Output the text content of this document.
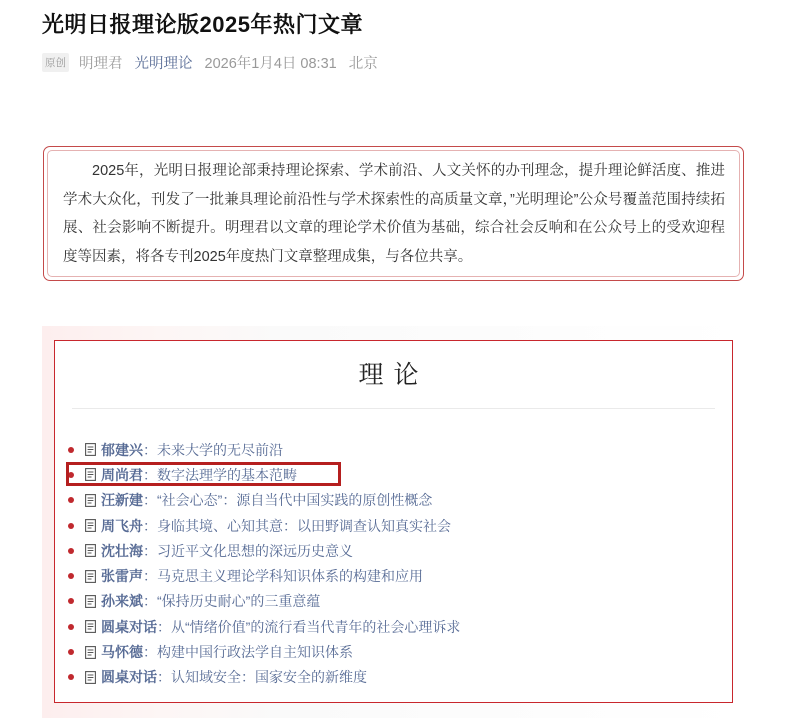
光明日报理论版2025年热门文章
原创 明理君 光明理论 2026年1月4日 08:31 北京

2025年，光明日报理论部秉持理论探索、学术前沿、人文关怀的办刊理念，提升理论鲜活度、推进学术大众化，刊发了一批兼具理论前沿性与学术探索性的高质量文章，”光明理论”公众号覆盖范围持续拓展、社会影响不断提升。明理君以文章的理论学术价值为基础，综合社会反响和在公众号上的受欢迎程度等因素，将各专刊2025年度热门文章整理成集，与各位共享。

理论
郁建兴 ： 未来大学的无尽前沿
周尚君 ： 数字法理学的基本范畴
汪新建 ： “社会心态”：源自当代中国实践的原创性概念
周飞舟 ： 身临其境、心知其意：以田野调查认知真实社会
沈壮海 ： 习近平文化思想的深远历史意义
张雷声 ： 马克思主义理论学科知识体系的构建和应用
孙来斌 ： “保持历史耐心”的三重意蕴
圆桌对话 ： 从“情绪价值”的流行看当代青年的社会心理诉求
马怀德 ： 构建中国行政法学自主知识体系
圆桌对话 ： 认知域安全：国家安全的新维度
